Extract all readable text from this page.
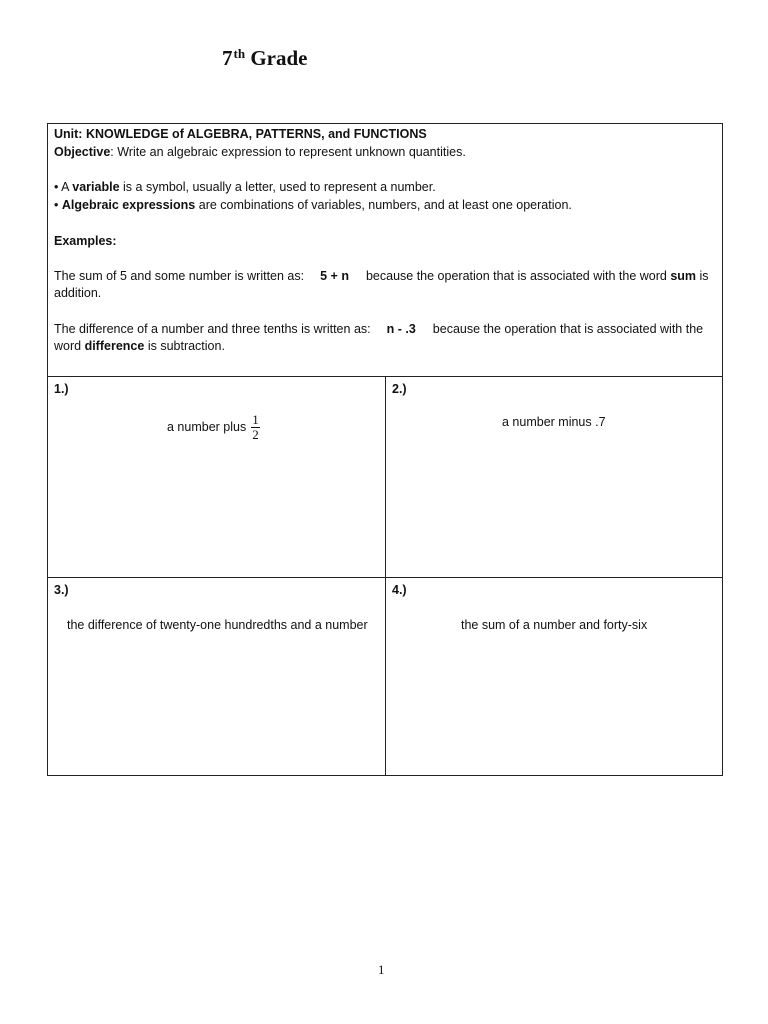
7th Grade
Unit: KNOWLEDGE of ALGEBRA, PATTERNS, and FUNCTIONS
Objective: Write an algebraic expression to represent unknown quantities.
• A variable is a symbol, usually a letter, used to represent a number.
• Algebraic expressions are combinations of variables, numbers, and at least one operation.
Examples:
The sum of 5 and some number is written as: 5 + n because the operation that is associated with the word sum is addition.
The difference of a number and three tenths is written as: n - .3 because the operation that is associated with the word difference is subtraction.
1.)
a number plus $\frac{1}{2}$
2.)
a number minus .7
3.)
the difference of twenty-one hundredths and a number
4.)
the sum of a number and forty-six
1
